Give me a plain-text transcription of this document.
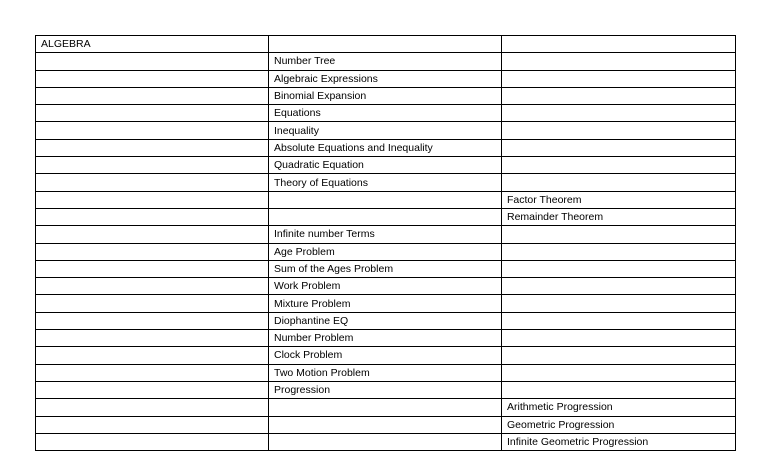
ALGEBRA		
	Number Tree	
	Algebraic Expressions	
	Binomial Expansion	
	Equations	
	Inequality	
	Absolute Equations and Inequality	
	Quadratic Equation	
	Theory of Equations	
		Factor Theorem
		Remainder Theorem
	Infinite number Terms	
	Age Problem	
	Sum of the Ages Problem	
	Work Problem	
	Mixture Problem	
	Diophantine EQ	
	Number Problem	
	Clock Problem	
	Two Motion Problem	
	Progression	
		Arithmetic Progression
		Geometric Progression
		Infinite Geometric Progression
